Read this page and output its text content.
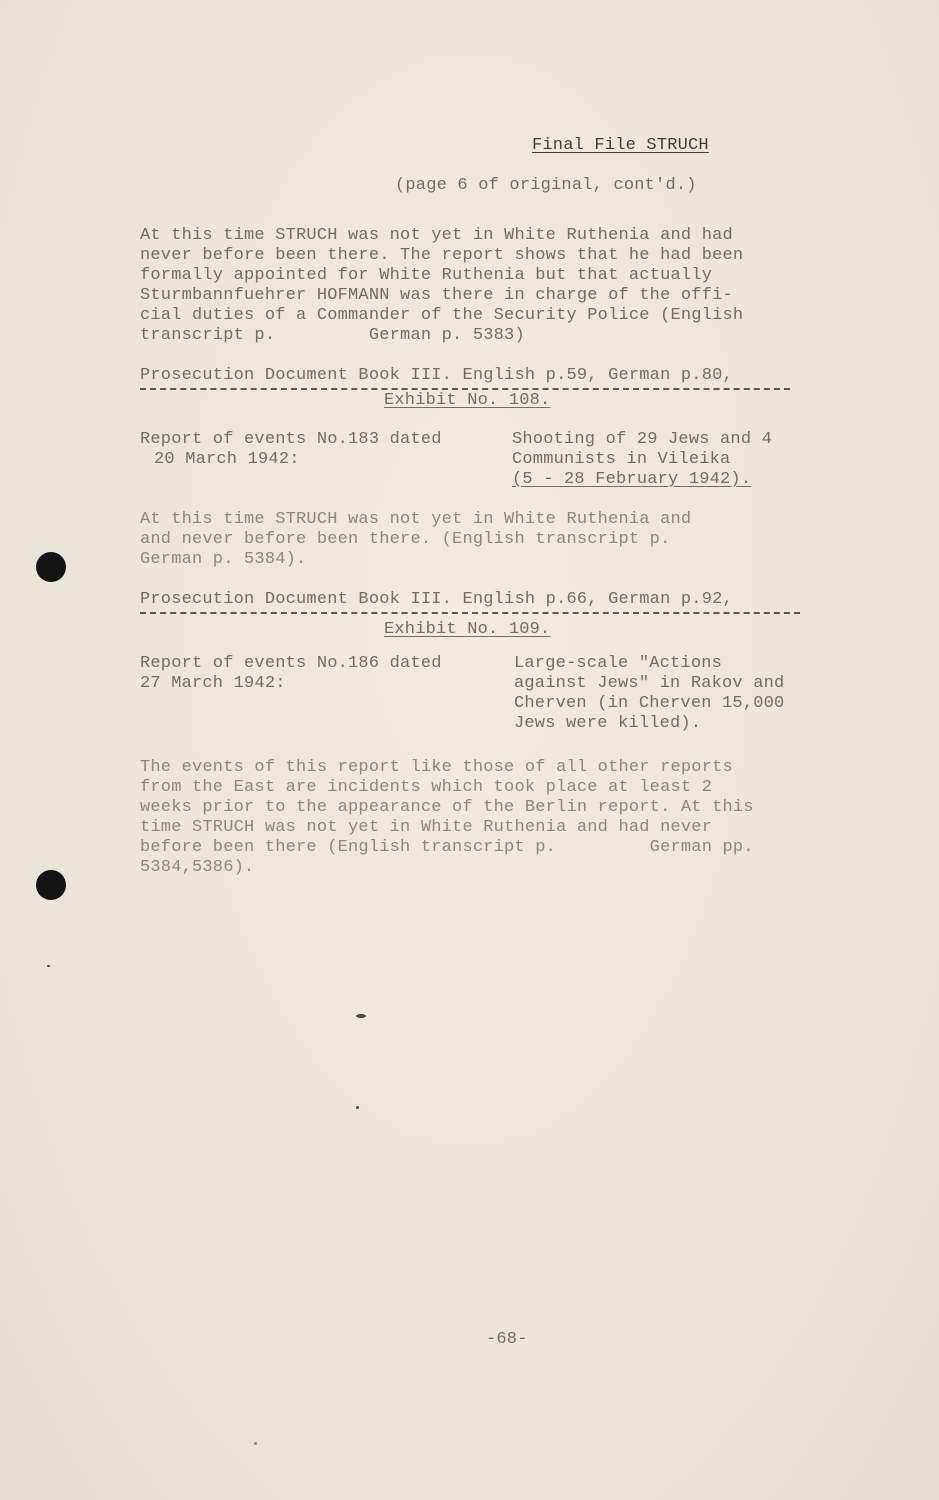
Final File STRUCH
(page 6 of original, cont'd.)
At this time STRUCH was not yet in White Ruthenia and had
never before been there. The report shows that he had been
formally appointed for White Ruthenia but that actually
Sturmbannfuehrer HOFMANN was there in charge of the offi-
cial duties of a Commander of the Security Police (English
transcript p.         German p. 5383)
Prosecution Document Book III. English p.59, German p.80,
Exhibit No. 108.
Report of events No.183 dated
20 March 1942:
Shooting of 29 Jews and 4
Communists in Vileika
(5 - 28 February 1942).
At this time STRUCH was not yet in White Ruthenia and
and never before been there. (English transcript p.
German p. 5384).
Prosecution Document Book III. English p.66, German p.92,
Exhibit No. 109.
Report of events No.186 dated
27 March 1942:
Large-scale "Actions
against Jews" in Rakov and
Cherven (in Cherven 15,000
Jews were killed).
The events of this report like those of all other reports
from the East are incidents which took place at least 2
weeks prior to the appearance of the Berlin report. At this
time STRUCH was not yet in White Ruthenia and had never
before been there (English transcript p.         German pp.
5384,5386).
-68-
